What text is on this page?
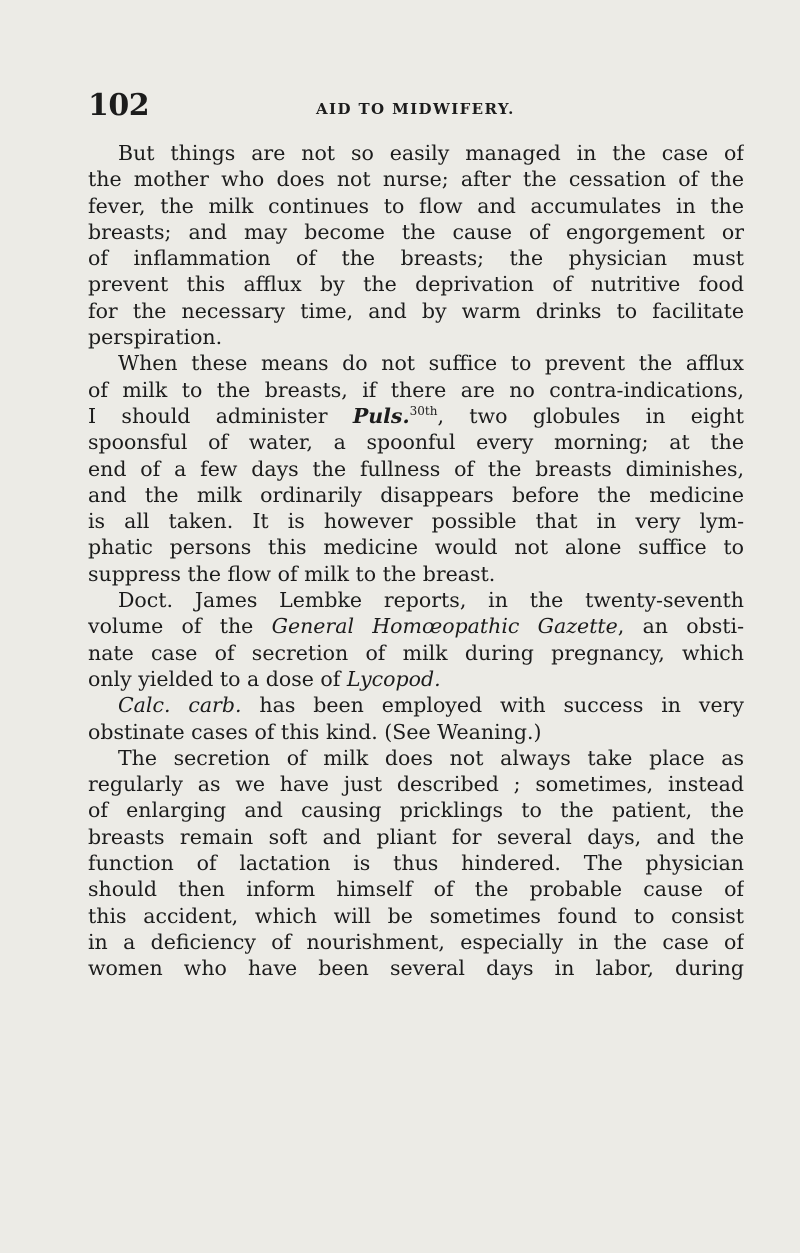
102	AID TO MIDWIFERY.
But things are not so easily managed in the case of
the mother who does not nurse; after the cessation of the
fever, the milk continues to flow and accumulates in the
breasts; and may become the cause of engorgement or
of inflammation of the breasts; the physician must
prevent this afflux by the deprivation of nutritive food
for the necessary time, and by warm drinks to facilitate
perspiration.
When these means do not suffice to prevent the afflux
of milk to the breasts, if there are no contra-indications,
I should administer Puls.$^{30th}$, two globules in eight
spoonsful of water, a spoonful every morning; at the
end of a few days the fullness of the breasts diminishes,
and the milk ordinarily disappears before the medicine
is all taken. It is however possible that in very lym-
phatic persons this medicine would not alone suffice to
suppress the flow of milk to the breast.
Doct. James Lembke reports, in the twenty-seventh
volume of the General Homœopathic Gazette, an obsti-
nate case of secretion of milk during pregnancy, which
only yielded to a dose of Lycopod.
Calc. carb. has been employed with success in very
obstinate cases of this kind. (See Weaning.)
The secretion of milk does not always take place as
regularly as we have just described ; sometimes, instead
of enlarging and causing pricklings to the patient, the
breasts remain soft and pliant for several days, and the
function of lactation is thus hindered. The physician
should then inform himself of the probable cause of
this accident, which will be sometimes found to consist
in a deficiency of nourishment, especially in the case of
women who have been several days in labor, during
